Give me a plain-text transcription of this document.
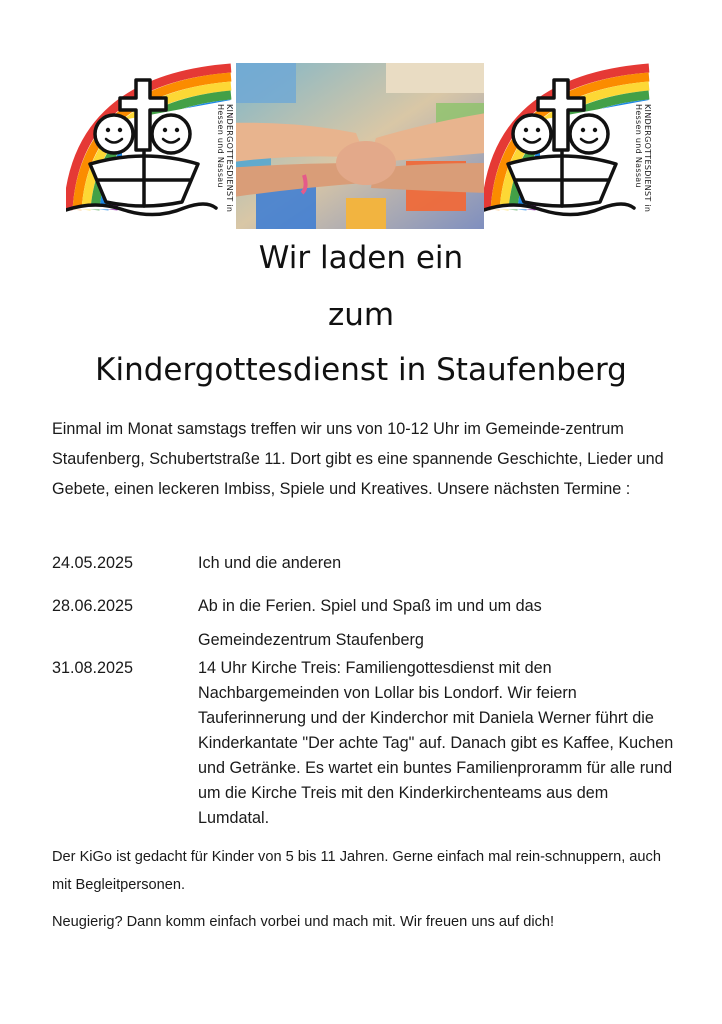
KINDERGOTTESDIENST in Hessen und Nassau	KINDERGOTTESDIENST in Hessen und Nassau
Wir laden ein
zum
Kindergottesdienst in Staufenberg
Einmal im Monat samstags treffen wir uns von 10-12 Uhr im Gemeinde-zentrum Staufenberg, Schubertstraße 11. Dort gibt es eine spannende Geschichte, Lieder und Gebete, einen leckeren Imbiss, Spiele und Kreatives. Unsere nächsten Termine :
24.05.2025	Ich und die anderen
28.06.2025	Ab in die Ferien. Spiel und Spaß im und um das Gemeindezentrum Staufenberg
31.08.2025	14 Uhr Kirche Treis: Familiengottesdienst mit den Nachbargemeinden von Lollar bis Londorf. Wir feiern Tauferinnerung und der Kinderchor mit Daniela Werner führt die Kinderkantate "Der achte Tag" auf. Danach gibt es Kaffee, Kuchen und Getränke. Es wartet ein buntes Familienproramm für alle rund um die Kirche Treis mit den Kinderkirchenteams aus dem Lumdatal.
Der KiGo ist gedacht für Kinder von 5 bis 11 Jahren. Gerne einfach mal rein-schnuppern, auch mit Begleitpersonen.
Neugierig? Dann komm einfach vorbei und mach mit. Wir freuen uns auf dich!
